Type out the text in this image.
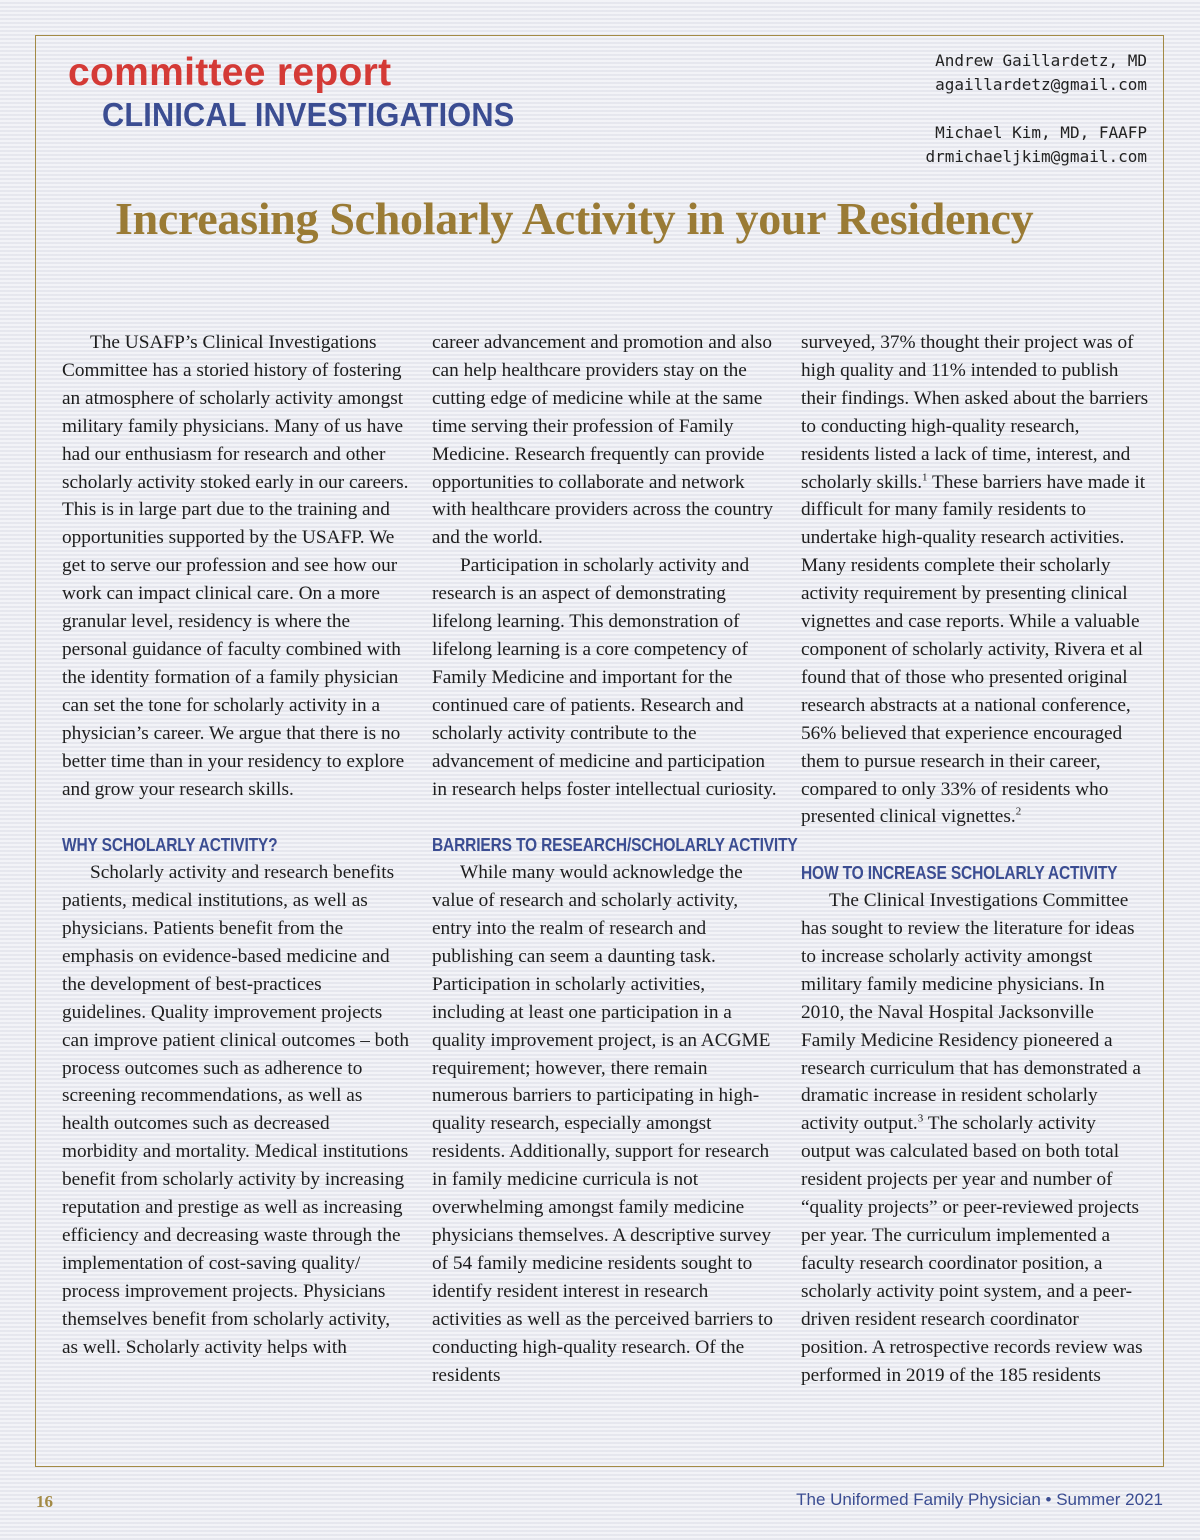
committee report
CLINICAL INVESTIGATIONS
Andrew Gaillardetz, MD
agaillardetz@gmail.com
Michael Kim, MD, FAAFP
drmichaeljkim@gmail.com
Increasing Scholarly Activity in your Residency

The USAFP’s Clinical Investigations Committee has a storied history of fostering an atmosphere of scholarly activity amongst military family physicians. Many of us have had our enthusiasm for research and other scholarly activity stoked early in our careers. This is in large part due to the training and opportunities supported by the USAFP. We get to serve our profession and see how our work can impact clinical care. On a more granular level, residency is where the personal guidance of faculty combined with the identity formation of a family physician can set the tone for scholarly activity in a physician’s career. We argue that there is no better time than in your residency to explore and grow your research skills.

WHY SCHOLARLY ACTIVITY?

Scholarly activity and research benefits patients, medical institutions, as well as physicians. Patients benefit from the emphasis on evidence-based medicine and the development of best-practices guidelines. Quality improvement projects can improve patient clinical outcomes – both process outcomes such as adherence to screening recommendations, as well as health outcomes such as decreased morbidity and mortality. Medical institutions benefit from scholarly activity by increasing reputation and prestige as well as increasing efficiency and decreasing waste through the implementation of cost-saving quality/ process improvement projects. Physicians themselves benefit from scholarly activity, as well. Scholarly activity helps with

career advancement and promotion and also can help healthcare providers stay on the cutting edge of medicine while at the same time serving their profession of Family Medicine. Research frequently can provide opportunities to collaborate and network with healthcare providers across the country and the world.

Participation in scholarly activity and research is an aspect of demonstrating lifelong learning. This demonstration of lifelong learning is a core competency of Family Medicine and important for the continued care of patients. Research and scholarly activity contribute to the advancement of medicine and participation in research helps foster intellectual curiosity.

BARRIERS TO RESEARCH/SCHOLARLY ACTIVITY

While many would acknowledge the value of research and scholarly activity, entry into the realm of research and publishing can seem a daunting task. Participation in scholarly activities, including at least one participation in a quality improvement project, is an ACGME requirement; however, there remain numerous barriers to participating in high-quality research, especially amongst residents. Additionally, support for research in family medicine curricula is not overwhelming amongst family medicine physicians themselves. A descriptive survey of 54 family medicine residents sought to identify resident interest in research activities as well as the perceived barriers to conducting high-quality research. Of the residents

surveyed, 37% thought their project was of high quality and 11% intended to publish their findings. When asked about the barriers to conducting high-quality research, residents listed a lack of time, interest, and scholarly skills.$^1$ These barriers have made it difficult for many family residents to undertake high-quality research activities. Many residents complete their scholarly activity requirement by presenting clinical vignettes and case reports. While a valuable component of scholarly activity, Rivera et al found that of those who presented original research abstracts at a national conference, 56% believed that experience encouraged them to pursue research in their career, compared to only 33% of residents who presented clinical vignettes.$^2$

HOW TO INCREASE SCHOLARLY ACTIVITY

The Clinical Investigations Committee has sought to review the literature for ideas to increase scholarly activity amongst military family medicine physicians. In 2010, the Naval Hospital Jacksonville Family Medicine Residency pioneered a research curriculum that has demonstrated a dramatic increase in resident scholarly activity output.$^3$ The scholarly activity output was calculated based on both total resident projects per year and number of “quality projects” or peer-reviewed projects per year. The curriculum implemented a faculty research coordinator position, a scholarly activity point system, and a peer-driven resident research coordinator position. A retrospective records review was performed in 2019 of the 185 residents

16	The Uniformed Family Physician • Summer 2021
